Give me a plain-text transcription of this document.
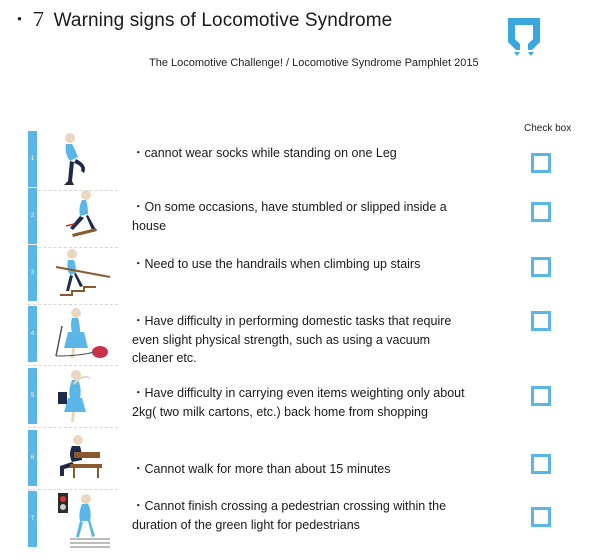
・７ Warning signs of Locomotive Syndrome
The Locomotive Challenge! / Locomotive Syndrome Pamphlet 2015
Check box
1	・cannot wear socks while standing on one Leg
2
・On some occasions, have stumbled or slipped inside a house
3
・Need to use the handrails when climbing up stairs
4
・Have difficulty in performing domestic tasks that require even slight physical strength, such as using a vacuum cleaner etc.
5	・Have difficulty in carrying even items weighting only about 2kg( two milk cartons, etc.) back home from shopping
6
・Cannot walk for more than about 15 minutes
7
・Cannot finish crossing a pedestrian crossing within the duration of the green light for pedestrians
